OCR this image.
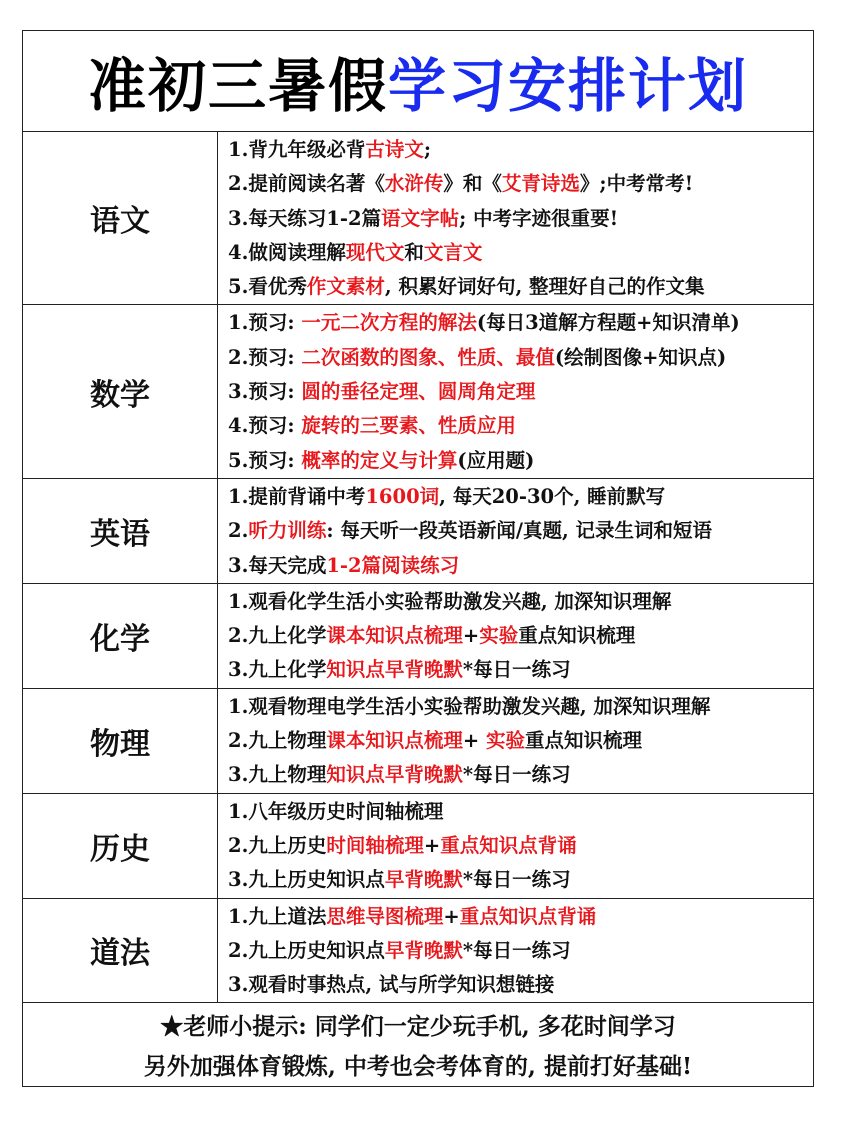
准初三暑假 学习安排计划
语文
1.背九年级必背古诗文;
2.提前阅读名著《水浒传》和《艾青诗选》;中考常考!
3.每天练习1-2篇语文字帖; 中考字迹很重要!
4.做阅读理解现代文和文言文
5.看优秀作文素材, 积累好词好句, 整理好自己的作文集
数学
1.预习: 一元二次方程的解法(每日3道解方程题+知识清单)
2.预习: 二次函数的图象、性质、最值(绘制图像+知识点)
3.预习: 圆的垂径定理、圆周角定理
4.预习: 旋转的三要素、性质应用
5.预习: 概率的定义与计算(应用题)
英语
1.提前背诵中考1600词, 每天20-30个, 睡前默写
2.听力训练: 每天听一段英语新闻/真题, 记录生词和短语
3.每天完成1-2篇阅读练习
化学
1.观看化学生活小实验帮助激发兴趣, 加深知识理解
2.九上化学课本知识点梳理+实验重点知识梳理
3.九上化学知识点早背晚默*每日一练习
物理
1.观看物理电学生活小实验帮助激发兴趣, 加深知识理解
2.九上物理课本知识点梳理+ 实验重点知识梳理
3.九上物理知识点早背晚默*每日一练习
历史
1.八年级历史时间轴梳理
2.九上历史时间轴梳理+重点知识点背诵
3.九上历史知识点早背晚默*每日一练习
道法
1.九上道法思维导图梳理+重点知识点背诵
2.九上历史知识点早背晚默*每日一练习
3.观看时事热点, 试与所学知识想链接
★老师小提示: 同学们一定少玩手机, 多花时间学习
另外加强体育锻炼, 中考也会考体育的, 提前打好基础!
